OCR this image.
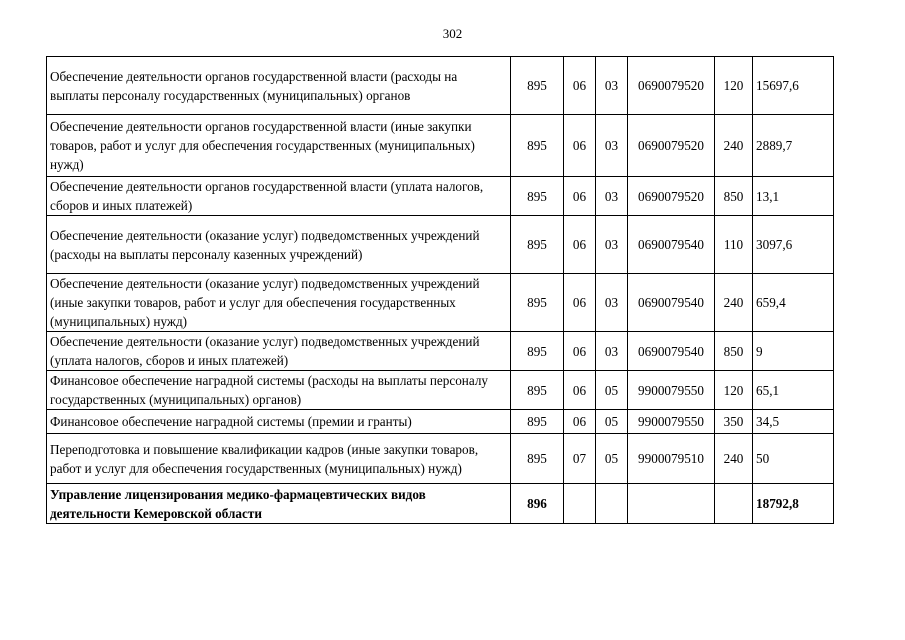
302
Обеспечение деятельности органов государственной власти (расходы на выплаты персоналу государственных (муниципальных) органов	895	06	03	0690079520	120	15697,6
Обеспечение деятельности органов государственной власти (иные закупки товаров, работ и услуг для обеспечения государственных (муниципальных) нужд)	895	06	03	0690079520	240	2889,7
Обеспечение деятельности органов государственной власти (уплата налогов, сборов и иных платежей)	895	06	03	0690079520	850	13,1
Обеспечение деятельности (оказание услуг) подведомственных учреждений (расходы на выплаты персоналу казенных учреждений)	895	06	03	0690079540	110	3097,6
Обеспечение деятельности (оказание услуг) подведомственных учреждений (иные закупки товаров, работ и услуг для обеспечения государственных (муниципальных) нужд)	895	06	03	0690079540	240	659,4
Обеспечение деятельности (оказание услуг) подведомственных учреждений (уплата налогов, сборов и иных платежей)	895	06	03	0690079540	850	9
Финансовое обеспечение наградной системы (расходы на выплаты персоналу государственных (муниципальных) органов)	895	06	05	9900079550	120	65,1
Финансовое обеспечение наградной системы (премии и гранты)	895	06	05	9900079550	350	34,5
Переподготовка и повышение квалификации кадров (иные закупки товаров, работ и услуг для обеспечения государственных (муниципальных) нужд)	895	07	05	9900079510	240	50
Управление лицензирования медико-фармацевтических видов деятельности Кемеровской области	896					18792,8
